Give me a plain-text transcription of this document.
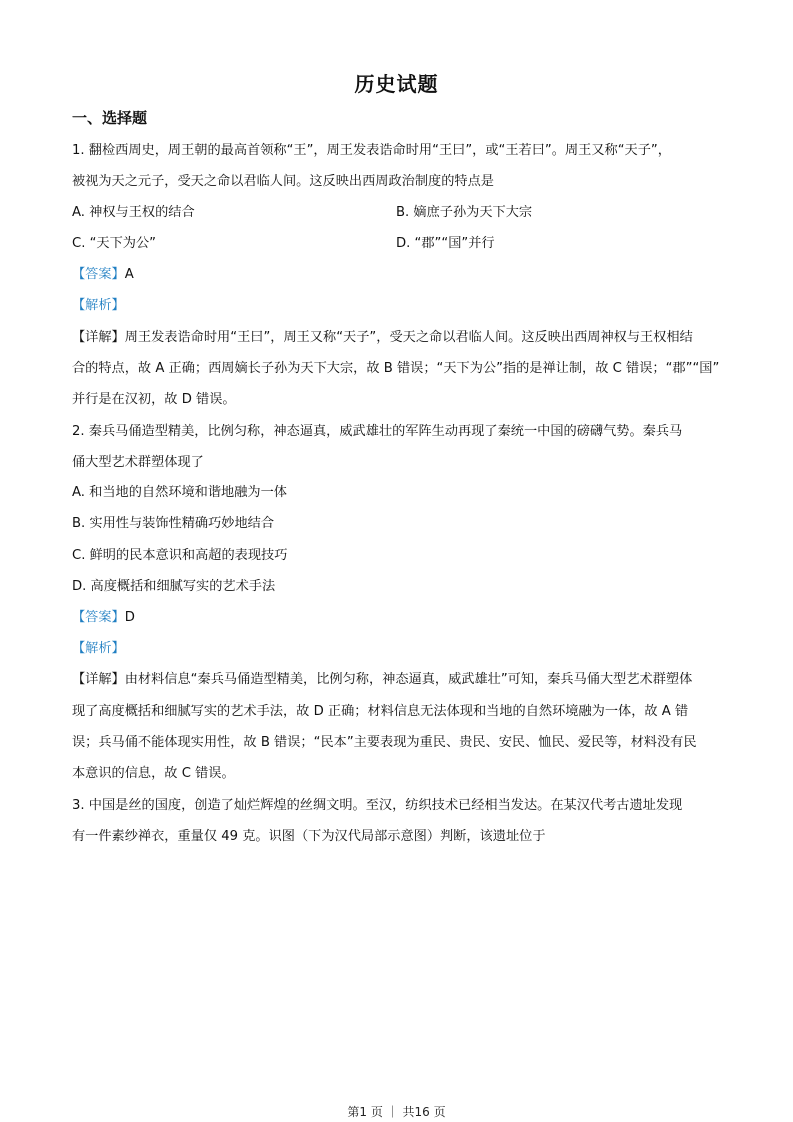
历史试题
一、选择题
1. 翻检西周史，周王朝的最高首领称“王”，周王发表诰命时用“王曰”，或“王若曰”。周王又称“天子”，
被视为天之元子，受天之命以君临人间。这反映出西周政治制度的特点是
A. 神权与王权的结合	B. 嫡庶子孙为天下大宗
C. “天下为公”	D. “郡”“国”并行
【答案】A
【解析】
【详解】周王发表诰命时用“王曰”，周王又称“天子”，受天之命以君临人间。这反映出西周神权与王权相结
合的特点，故 A 正确；西周嫡长子孙为天下大宗，故 B 错误；“天下为公”指的是禅让制，故 C 错误；“郡”“国”
并行是在汉初，故 D 错误。
2. 秦兵马俑造型精美，比例匀称，神态逼真，威武雄壮的军阵生动再现了秦统一中国的磅礴气势。秦兵马
俑大型艺术群塑体现了
A. 和当地的自然环境和谐地融为一体
B. 实用性与装饰性精确巧妙地结合
C. 鲜明的民本意识和高超的表现技巧
D. 高度概括和细腻写实的艺术手法
【答案】D
【解析】
【详解】由材料信息“秦兵马俑造型精美，比例匀称，神态逼真，威武雄壮”可知，秦兵马俑大型艺术群塑体
现了高度概括和细腻写实的艺术手法，故 D 正确；材料信息无法体现和当地的自然环境融为一体，故 A 错
误；兵马俑不能体现实用性，故 B 错误；“民本”主要表现为重民、贵民、安民、恤民、爱民等，材料没有民
本意识的信息，故 C 错误。
3. 中国是丝的国度，创造了灿烂辉煌的丝绸文明。至汉，纺织技术已经相当发达。在某汉代考古遗址发现
有一件素纱禅衣，重量仅 49 克。识图（下为汉代局部示意图）判断，该遗址位于
第1 页 ｜ 共16 页
